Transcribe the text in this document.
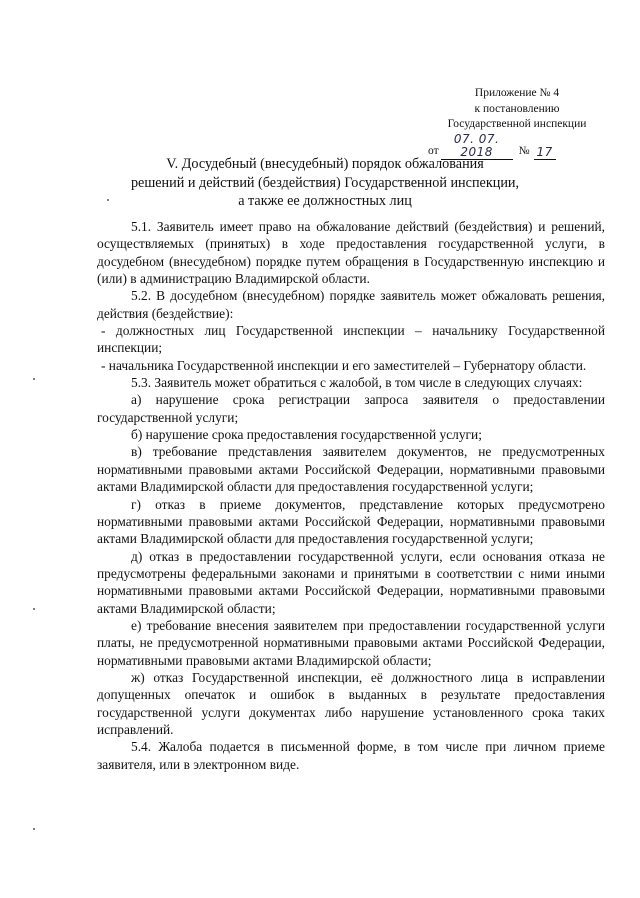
Приложение № 4
к постановлению
Государственной инспекции
от
07. 07. 2018	№ 17
V. Досудебный (внесудебный) порядок обжалования
решений и действий (бездействия) Государственной инспекции,
а также ее должностных лиц

5.1. Заявитель имеет право на обжалование действий (бездействия) и решений, осуществляемых (принятых) в ходе предоставления государственной услуги, в досудебном (внесудебном) порядке путем обращения в Государственную инспекцию и (или) в администрацию Владимирской области.

5.2. В досудебном (внесудебном) порядке заявитель может обжаловать решения, действия (бездействие):

- должностных лиц Государственной инспекции – начальнику Государственной инспекции;

- начальника Государственной инспекции и его заместителей – Губернатору области.

5.3. Заявитель может обратиться с жалобой, в том числе в следующих случаях:

а) нарушение срока регистрации запроса заявителя о предоставлении государственной услуги;

б) нарушение срока предоставления государственной услуги;

в) требование представления заявителем документов, не предусмотренных нормативными правовыми актами Российской Федерации, нормативными правовыми актами Владимирской области для предоставления государственной услуги;

г) отказ в приеме документов, представление которых предусмотрено нормативными правовыми актами Российской Федерации, нормативными правовыми актами Владимирской области для предоставления государственной услуги;

д) отказ в предоставлении государственной услуги, если основания отказа не предусмотрены федеральными законами и принятыми в соответствии с ними иными нормативными правовыми актами Российской Федерации, нормативными правовыми актами Владимирской области;

е) требование внесения заявителем при предоставлении государственной услуги платы, не предусмотренной нормативными правовыми актами Российской Федерации, нормативными правовыми актами Владимирской области;

ж) отказ Государственной инспекции, её должностного лица в исправлении допущенных опечаток и ошибок в выданных в результате предоставления государственной услуги документах либо нарушение установленного срока таких исправлений.

5.4. Жалоба подается в письменной форме, в том числе при личном приеме заявителя, или в электронном виде.
